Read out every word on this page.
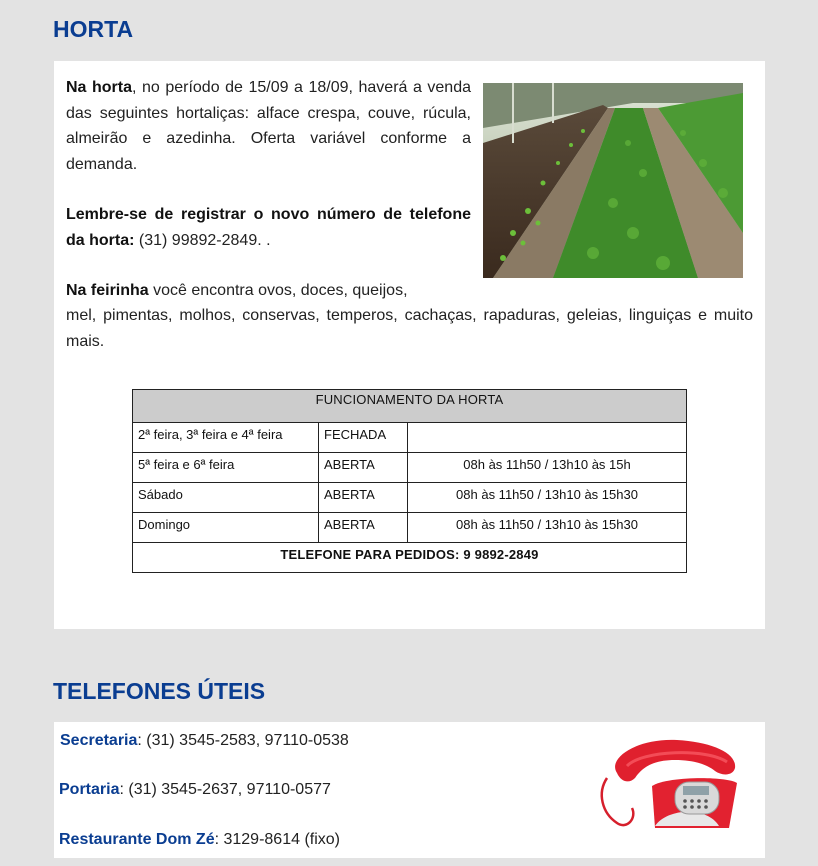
HORTA

Na horta, no período de 15/09 a 18/09, haverá a venda das seguintes hortaliças: alface crespa, couve, rúcula, almeirão e azedinha. Oferta variável conforme a demanda.

Lembre-se de registrar o novo número de telefone da horta: (31) 99892-2849. .

Na feirinha você encontra ovos, doces, queijos,

mel, pimentas, molhos, conservas, temperos, cachaças, rapaduras, geleias, linguiças e muito mais.
FUNCIONAMENTO DA HORTA		
2ª feira, 3ª feira e 4ª feira	FECHADA	
5ª feira e 6ª feira	ABERTA	08h às 11h50 / 13h10 às 15h
Sábado	ABERTA	08h às 11h50 / 13h10 às 15h30
Domingo	ABERTA	08h às 11h50 / 13h10 às 15h30
TELEFONE PARA PEDIDOS: 9 9892-2849		
TELEFONES ÚTEIS
Secretaria: (31) 3545-2583, 97110-0538
Portaria: (31) 3545-2637, 97110-0577
Restaurante Dom Zé: 3129-8614 (fixo)
